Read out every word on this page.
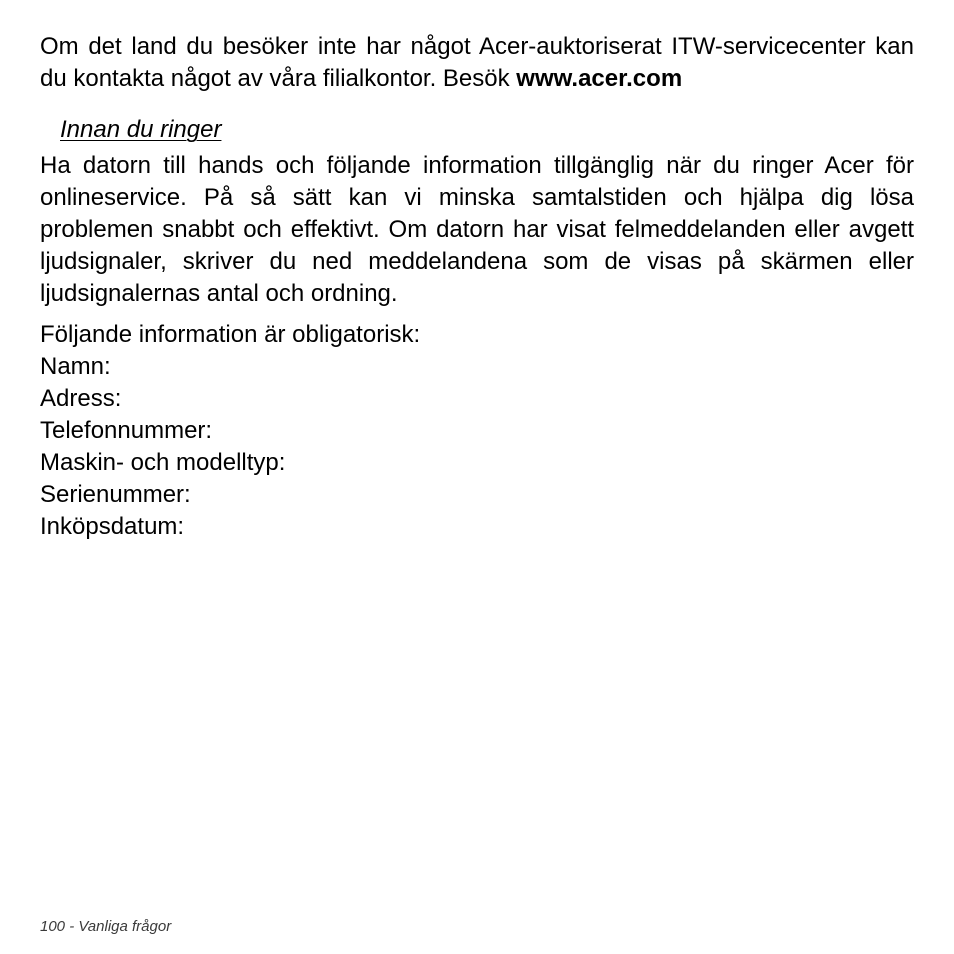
Om det land du besöker inte har något Acer-auktoriserat ITW-servicecenter kan du kontakta något av våra filialkontor. Besök www.acer.com

Innan du ringer

Ha datorn till hands och följande information tillgänglig när du ringer Acer för onlineservice. På så sätt kan vi minska samtalstiden och hjälpa dig lösa problemen snabbt och effektivt. Om datorn har visat felmeddelanden eller avgett ljudsignaler, skriver du ned meddelandena som de visas på skärmen eller ljudsignalernas antal och ordning.

Följande information är obligatorisk:
Namn:
Adress:
Telefonnummer:
Maskin- och modelltyp:
Serienummer:
Inköpsdatum:
100 - Vanliga frågor
